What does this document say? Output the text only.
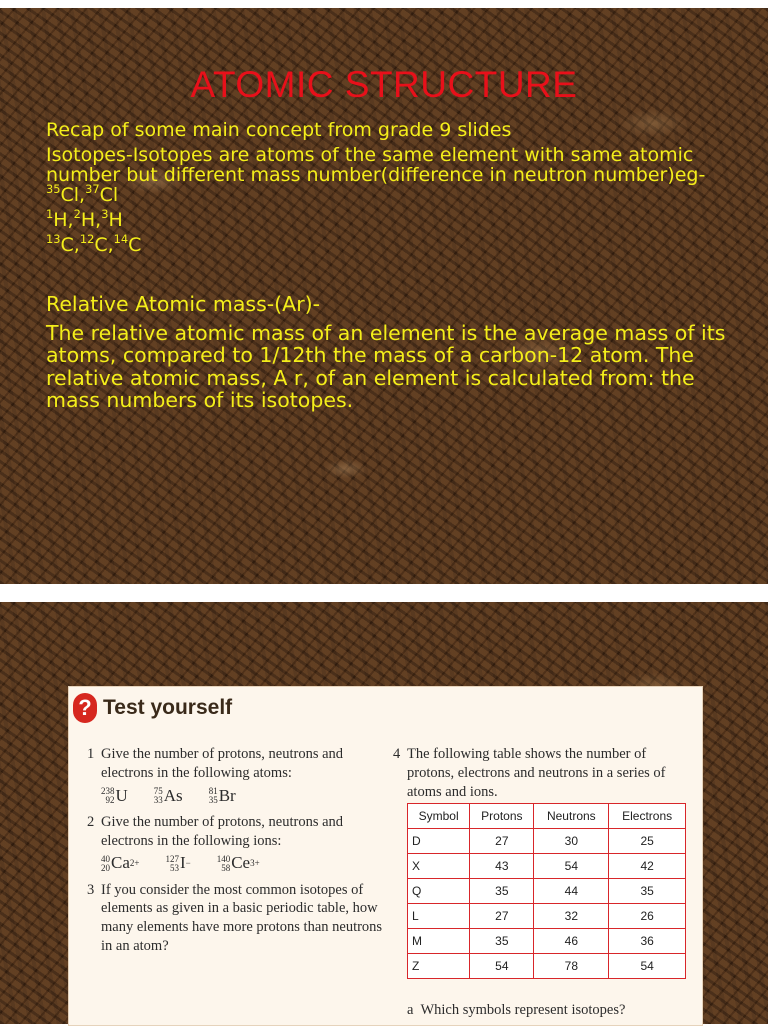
ATOMIC STRUCTURE

Recap of some main concept from grade 9 slides

Isotopes-Isotopes are atoms of the same element with same atomic number but different mass number(difference in neutron number)eg-$^{35}$Cl,$^{37}$Cl

$^1$H,$^2$H,$^3$H

$^{13}$C,$^{12}$C,$^{14}$C

Relative Atomic mass-(Ar)-

The relative atomic mass of an element is the average mass of its atoms, compared to 1/12th the mass of a carbon-12 atom. The relative atomic mass, A r, of an element is calculated from: the mass numbers of its isotopes.

? Test yourself
1 Give the number of protons, neutrons and electrons in the following atoms:
238
92 U	75
33 As	81
35 Br
2 Give the number of protons, neutrons and electrons in the following ions:
40
20 Ca 2+	127
53 I −	140
58 Ce 3+
3 If you consider the most common isotopes of elements as given in a basic periodic table, how many elements have more protons than neutrons in an atom?
4 The following table shows the number of protons, electrons and neutrons in a series of atoms and ions.
Symbol	Protons	Neutrons	Electrons
D	27	30	25
X	43	54	42
Q	35	44	35
L	27	32	26
M	35	46	36
Z	54	78	54
a Which symbols represent isotopes?
